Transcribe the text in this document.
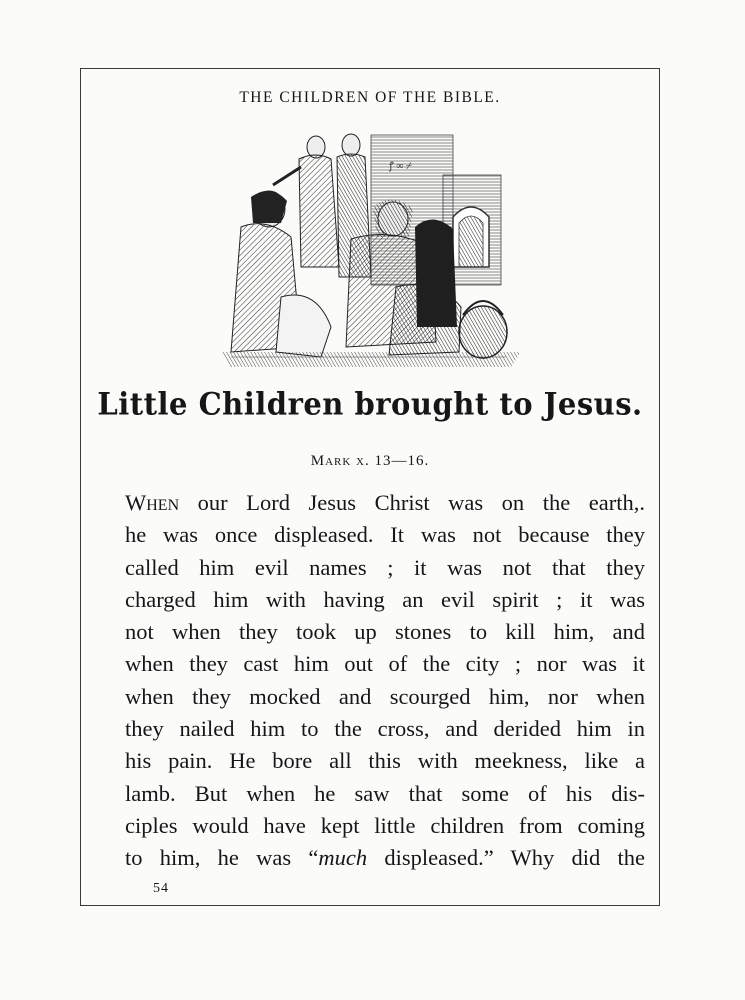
THE CHILDREN OF THE BIBLE.
ꝭ ∞ ⌿
Little Children brought to Jesus.
Mark x. 13—16.
When our Lord Jesus Christ was on the earth,.
he was once displeased. It was not because they
called him evil names ; it was not that they
charged him with having an evil spirit ; it was
not when they took up stones to kill him, and
when they cast him out of the city ; nor was it
when they mocked and scourged him, nor when
they nailed him to the cross, and derided him in
his pain. He bore all this with meekness, like a
lamb. But when he saw that some of his dis-
ciples would have kept little children from coming
to him, he was “much displeased.” Why did the
54
